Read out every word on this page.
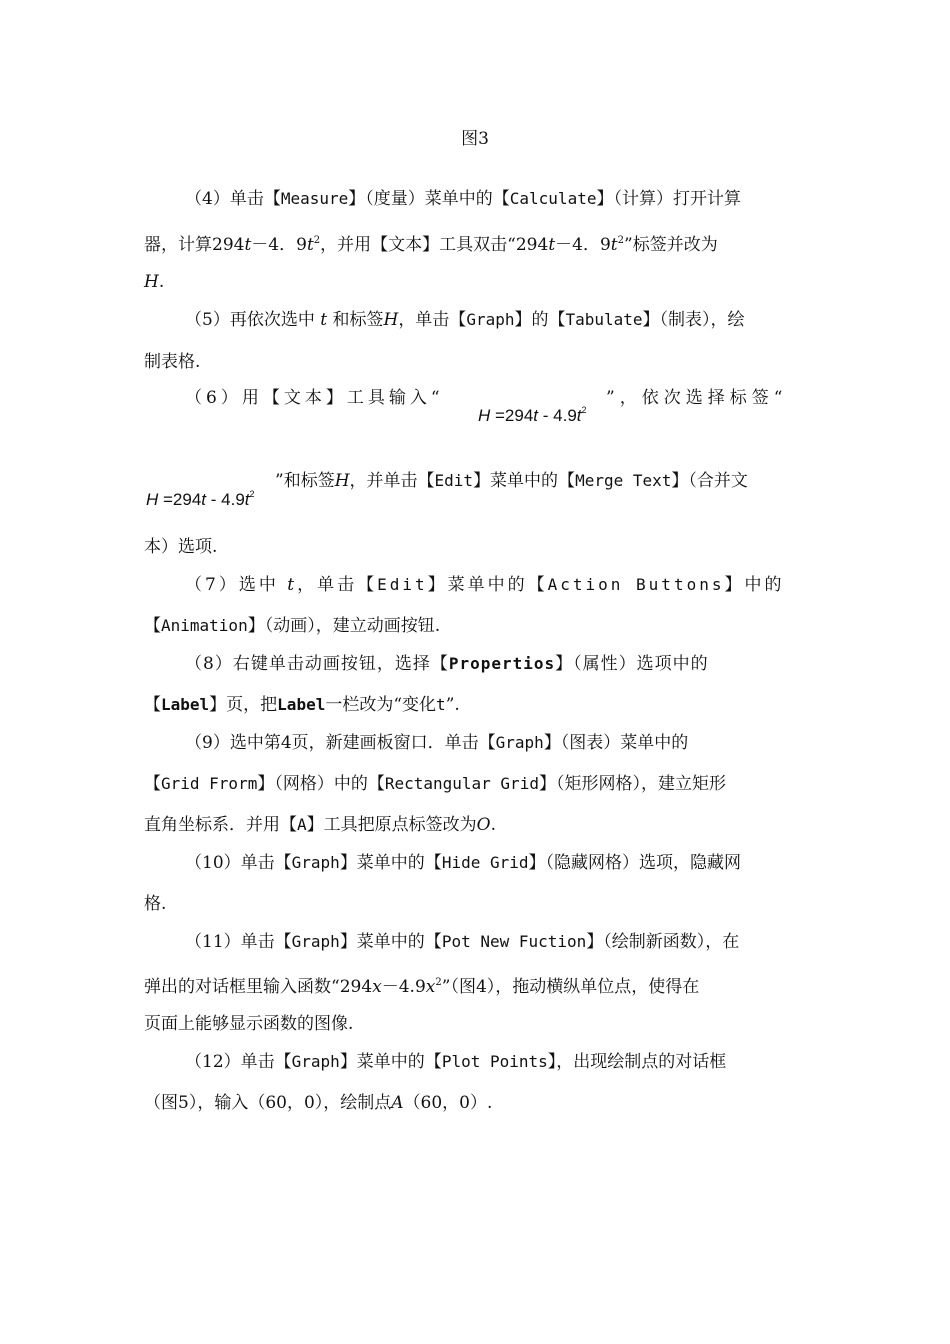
图3
（4）单击【Measure】（度量）菜单中的【Calculate】（计算）打开计算
器，计算294t－4．$9t^2$，并用【文本】工具双击“294t－4．$9t^2$”标签并改为
H.
（5）再依次选中 t 和标签H，单击【Graph】的【Tabulate】（制表），绘
制表格.
（6）用【文本】工具输入“
$H =294t - 4.9t^2$
”，依次选择标签“
$H =294t - 4.9t^2$
”和标签H，并单击【Edit】菜单中的【Merge Text】（合并文
本）选项.
（7）选中 t，单击【Edit】菜单中的【Action Buttons】中的
【Animation】（动画），建立动画按钮.
（8）右键单击动画按钮，选择【Propertios】（属性）选项中的
【Label】页，把Label一栏改为“变化t”.
（9）选中第4页，新建画板窗口．单击【Graph】（图表）菜单中的
【Grid Frorm】（网格）中的【Rectangular Grid】（矩形网格），建立矩形
直角坐标系．并用【A】工具把原点标签改为O.
（10）单击【Graph】菜单中的【Hide Grid】（隐藏网格）选项，隐藏网
格.
（11）单击【Graph】菜单中的【Pot New Fuction】（绘制新函数），在
弹出的对话框里输入函数“$294x-4.9x^2$”（图4），拖动横纵单位点，使得在
页面上能够显示函数的图像.
（12）单击【Graph】菜单中的【Plot Points】，出现绘制点的对话框
（图5），输入（60，0），绘制点A（60，0）.
